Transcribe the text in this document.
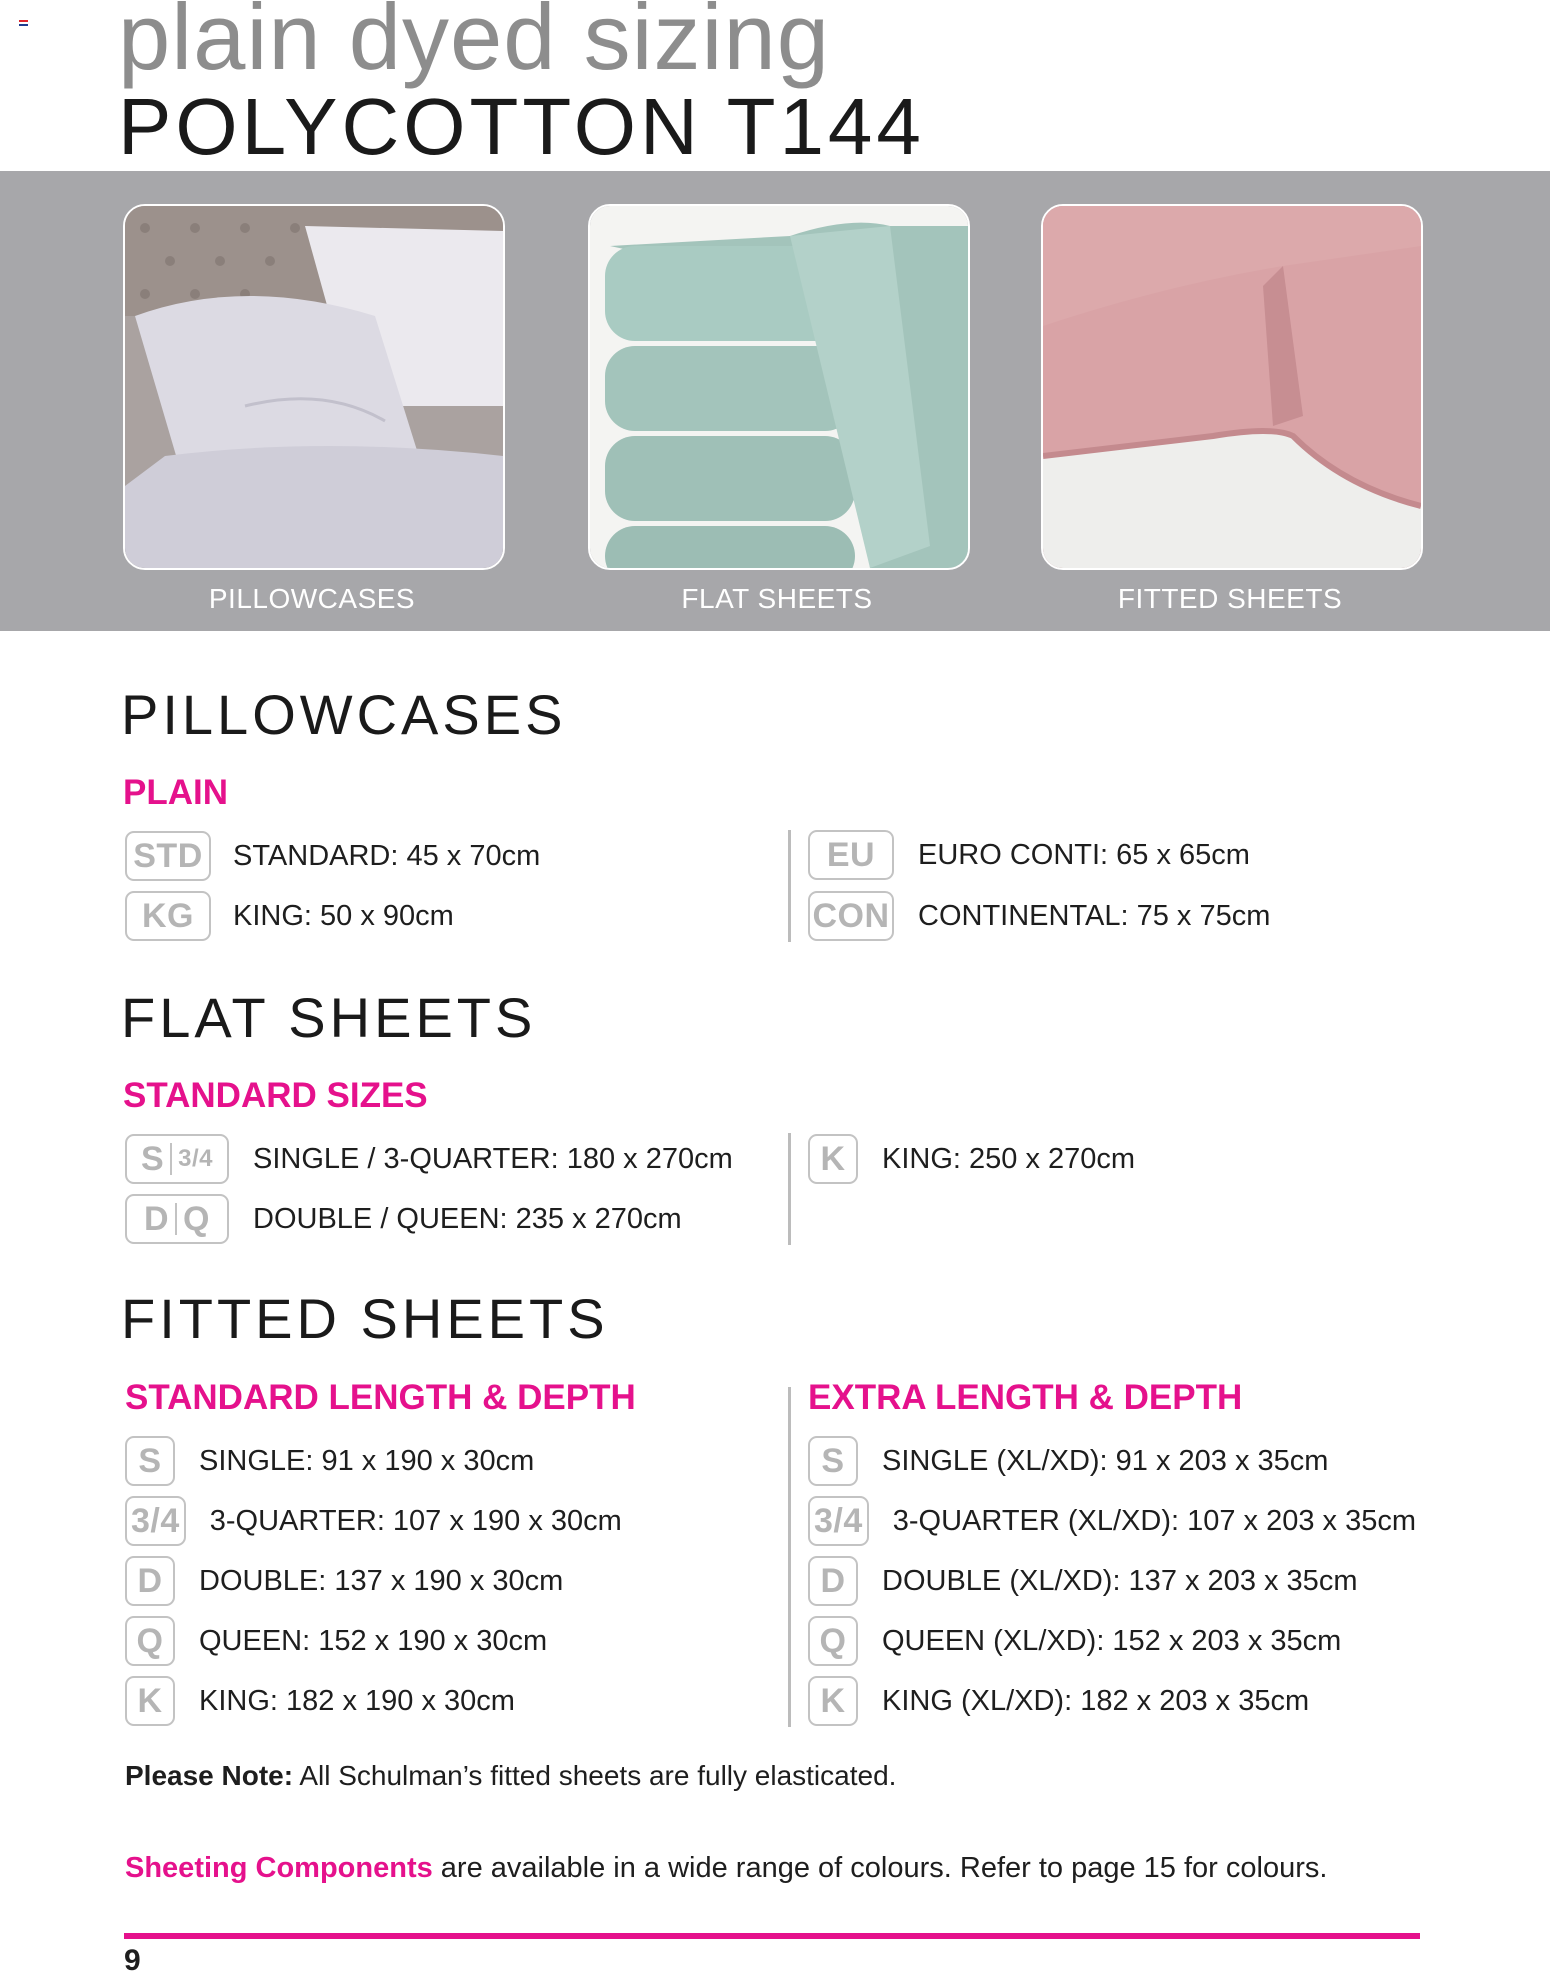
plain dyed sizing
POLYCOTTON T144
PILLOWCASES	FLAT SHEETS	FITTED SHEETS
PILLOWCASES
PLAIN
STD STANDARD: 45 x 70cm
KG	KING: 50 x 90cm
EU	EURO CONTI: 65 x 65cm
CON CONTINENTAL: 75 x 75cm
FLAT SHEETS
STANDARD SIZES
S 3/4 SINGLE / 3-QUARTER: 180 x 270cm
D Q DOUBLE / QUEEN: 235 x 270cm
K	KING: 250 x 270cm
FITTED SHEETS
STANDARD LENGTH & DEPTH	EXTRA LENGTH & DEPTH
S	SINGLE: 91 x 190 x 30cm
3/4 3-QUARTER: 107 x 190 x 30cm
D	DOUBLE: 137 x 190 x 30cm
Q	QUEEN: 152 x 190 x 30cm
K	KING: 182 x 190 x 30cm
S	SINGLE (XL/XD): 91 x 203 x 35cm
3/4 3-QUARTER (XL/XD): 107 x 203 x 35cm
D	DOUBLE (XL/XD): 137 x 203 x 35cm
Q	QUEEN (XL/XD): 152 x 203 x 35cm
K	KING (XL/XD): 182 x 203 x 35cm

Please Note: All Schulman’s fitted sheets are fully elasticated.

Sheeting Components are available in a wide range of colours. Refer to page 15 for colours.

9
